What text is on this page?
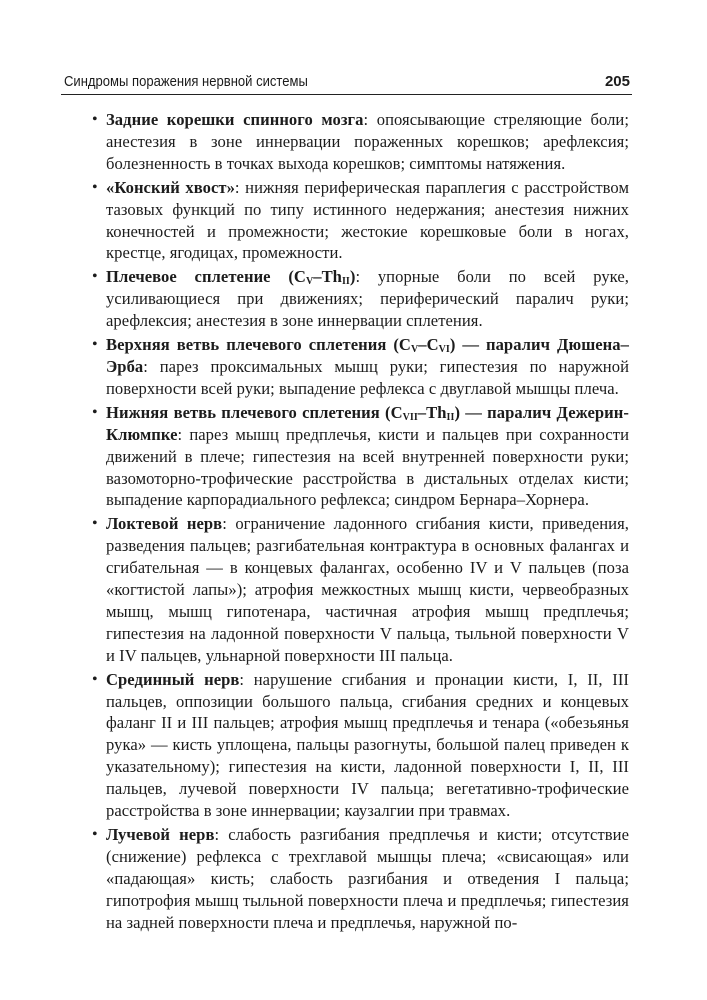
Синдромы поражения нервной системы	205
• Задние корешки спинного мозга: опоясывающие стреляющие боли; анестезия в зоне иннервации пораженных корешков; арефлексия; болезненность в точках выхода корешков; симптомы натяжения.
• «Конский хвост»: нижняя периферическая параплегия с расстройством тазовых функций по типу истинного недержания; анестезия нижних конечностей и промежности; жестокие корешковые боли в ногах, крестце, ягодицах, промежности.
• Плечевое сплетение $(C_V-Th_{II})$: упорные боли по всей руке, усиливающиеся при движениях; периферический паралич руки; арефлексия; анестезия в зоне иннервации сплетения.
• Верхняя ветвь плечевого сплетения $(C_V-C_{VI})$ — паралич Дюшена–Эрба: парез проксимальных мышц руки; гипестезия по наружной поверхности всей руки; выпадение рефлекса с двуглавой мышцы плеча.
• Нижняя ветвь плечевого сплетения $(C_{VII}-Th_{II})$ — паралич Дежерин-Клюмпке: парез мышц предплечья, кисти и пальцев при сохранности движений в плече; гипестезия на всей внутренней поверхности руки; вазомоторно-трофические расстройства в дистальных отделах кисти; выпадение карпорадиального рефлекса; синдром Бернара–Хорнера.
• Локтевой нерв: ограничение ладонного сгибания кисти, приведения, разведения пальцев; разгибательная контрактура в основных фалангах и сгибательная — в концевых фалангах, особенно IV и V пальцев (поза «когтистой лапы»); атрофия межкостных мышц кисти, червеобразных мышц, мышц гипотенара, частичная атрофия мышц предплечья; гипестезия на ладонной поверхности V пальца, тыльной поверхности V и IV пальцев, ульнарной поверхности III пальца.
• Срединный нерв: нарушение сгибания и пронации кисти, I, II, III пальцев, оппозиции большого пальца, сгибания средних и концевых фаланг II и III пальцев; атрофия мышц предплечья и тенара («обезьянья рука» — кисть уплощена, пальцы разогнуты, большой палец приведен к указательному); гипестезия на кисти, ладонной поверхности I, II, III пальцев, лучевой поверхности IV пальца; вегетативно-трофические расстройства в зоне иннервации; каузалгии при травмах.
• Лучевой нерв: слабость разгибания предплечья и кисти; отсутствие (снижение) рефлекса с трехглавой мышцы плеча; «свисающая» или «падающая» кисть; слабость разгибания и отведения I пальца; гипотрофия мышц тыльной поверхности плеча и предплечья; гипестезия на задней поверхности плеча и предплечья, наружной по-
